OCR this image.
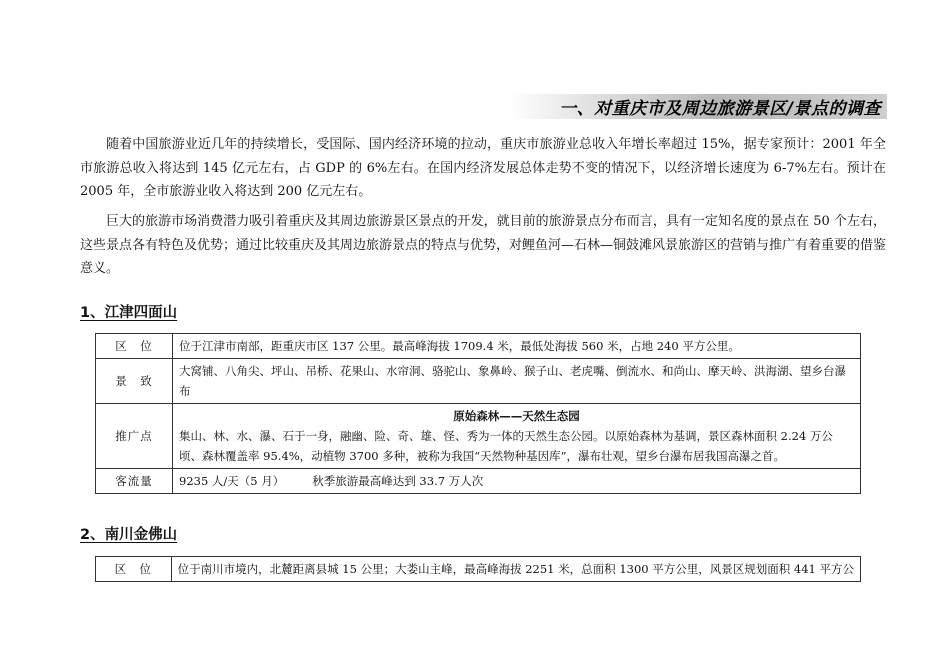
一、对重庆市及周边旅游景区/景点的调查

随着中国旅游业近几年的持续增长，受国际、国内经济环境的拉动，重庆市旅游业总收入年增长率超过 15%，据专家预计：2001 年全市旅游总收入将达到 145 亿元左右，占 GDP 的 6%左右。在国内经济发展总体走势不变的情况下，以经济增长速度为 6-7%左右。预计在 2005 年，全市旅游业收入将达到 200 亿元左右。

巨大的旅游市场消费潜力吸引着重庆及其周边旅游景区景点的开发，就目前的旅游景点分布而言，具有一定知名度的景点在 50 个左右，这些景点各有特色及优势；通过比较重庆及其周边旅游景点的特点与优势，对鲤鱼河—石林—铜鼓滩风景旅游区的营销与推广有着重要的借鉴意义。

1、江津四面山
区　位	位于江津市南部，距重庆市区 137 公里。最高峰海拔 1709.4 米，最低处海拔 560 米，占地 240 平方公里。
景　致	大窝铺、八角尖、坪山、吊桥、花果山、水帘洞、骆驼山、象鼻岭、猴子山、老虎嘴、倒流水、和尚山、摩天岭、洪海湖、望乡台瀑布
推广点	原始森林——天然生态园
集山、林、水、瀑、石于一身，融幽、险、奇、雄、怪、秀为一体的天然生态公园。以原始森林为基调，景区森林面积 2.24 万公顷、森林覆盖率 95.4%，动植物 3700 多种，被称为我国“天然物种基因库”，瀑布壮观，望乡台瀑布居我国高瀑之首。

客流量	9235 人/天（5 月） 秋季旅游最高峰达到 33.7 万人次
2、南川金佛山
区　位	位于南川市境内，北麓距离县城 15 公里；大娄山主峰，最高峰海拔 2251 米，总面积 1300 平方公里，风景区规划面积 441 平方公
